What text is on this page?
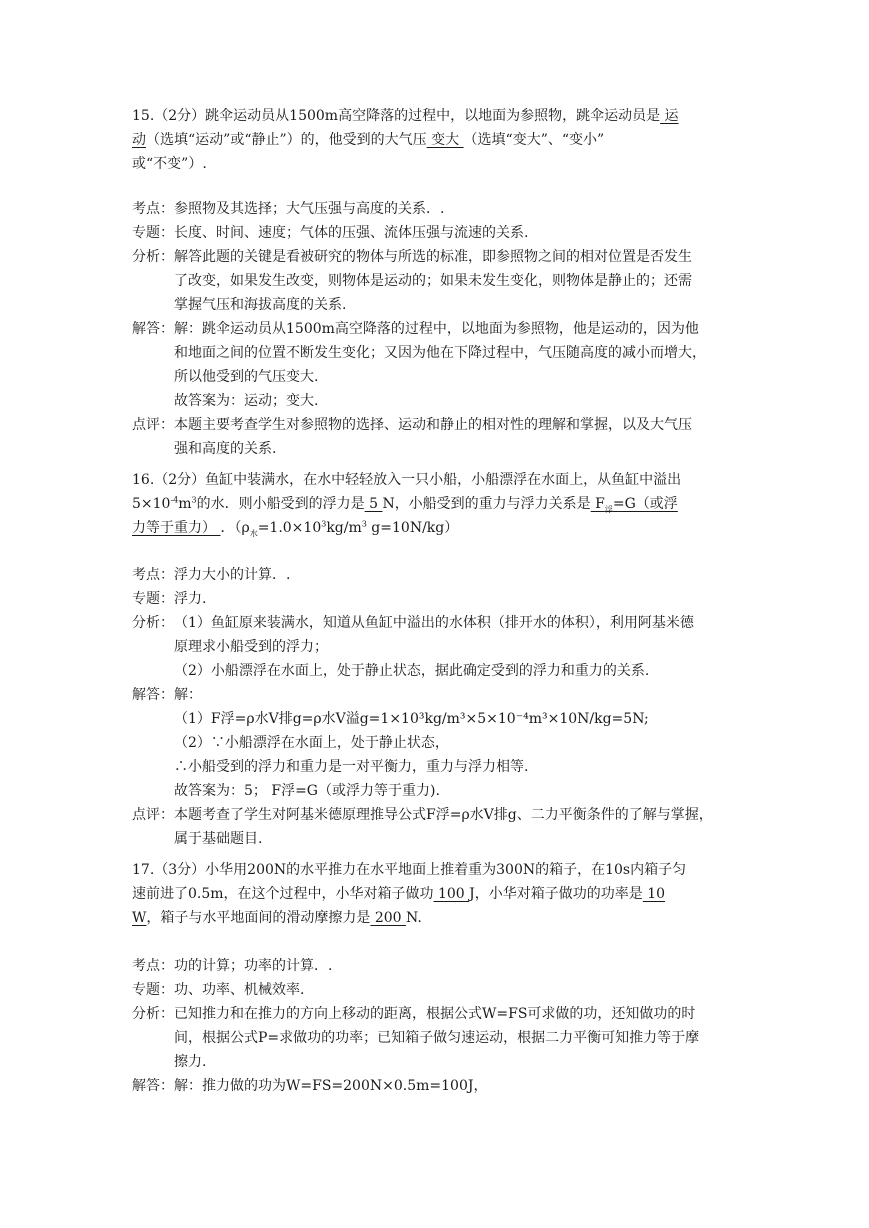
15.（2分）跳伞运动员从1500m高空降落的过程中，以地面为参照物，跳伞运动员是 运
动（选填“运动”或“静止”）的，他受到的大气压 变大 （选填“变大”、“变小”
或“不变”）.
考点： 参照物及其选择；大气压强与高度的关系．.
专题： 长度、时间、速度；气体的压强、流体压强与流速的关系.
分析： 解答此题的关键是看被研究的物体与所选的标准，即参照物之间的相对位置是否发生
了改变，如果发生改变，则物体是运动的；如果未发生变化，则物体是静止的；还需
掌握气压和海拔高度的关系.
解答： 解：跳伞运动员从1500m高空降落的过程中，以地面为参照物，他是运动的，因为他
和地面之间的位置不断发生变化；又因为他在下降过程中，气压随高度的减小而增大，
所以他受到的气压变大.
故答案为：运动；变大.
点评： 本题主要考查学生对参照物的选择、运动和静止的相对性的理解和掌握，以及大气压
强和高度的关系.
16.（2分）鱼缸中装满水，在水中轻轻放入一只小船，小船漂浮在水面上，从鱼缸中溢出
$5\times 10^{-4}m^3$的水．则小船受到的浮力是 5 N，小船受到的重力与浮力关系是 $F_浮=G$（或浮
力等于重力） ．（$\rho_水=1.0\times 10^3kg/m^3$ g=10N/kg）
考点： 浮力大小的计算．.
专题： 浮力.
分析： （1）鱼缸原来装满水，知道从鱼缸中溢出的水体积（排开水的体积），利用阿基米德
原理求小船受到的浮力；
（2）小船漂浮在水面上，处于静止状态，据此确定受到的浮力和重力的关系.
解答： 解：
（1）F浮=ρ水V排g=ρ水V溢g=1×10³kg/m³×5×10⁻⁴m³×10N/kg=5N;
（2）∵小船漂浮在水面上，处于静止状态，
∴小船受到的浮力和重力是一对平衡力，重力与浮力相等.
故答案为：5； F浮=G（或浮力等于重力).
点评： 本题考查了学生对阿基米德原理推导公式F浮=ρ水V排g、二力平衡条件的了解与掌握，
属于基础题目.
17.（3分）小华用200N的水平推力在水平地面上推着重为300N的箱子，在10s内箱子匀
速前进了0.5m，在这个过程中，小华对箱子做功 100 J，小华对箱子做功的功率是 10
W，箱子与水平地面间的滑动摩擦力是 200 N.
考点： 功的计算；功率的计算．.
专题： 功、功率、机械效率.
分析： 已知推力和在推力的方向上移动的距离，根据公式W=FS可求做的功，还知做功的时
间，根据公式P=求做功的功率；已知箱子做匀速运动，根据二力平衡可知推力等于摩
擦力.
解答： 解：推力做的功为W=FS=200N×0.5m=100J，
